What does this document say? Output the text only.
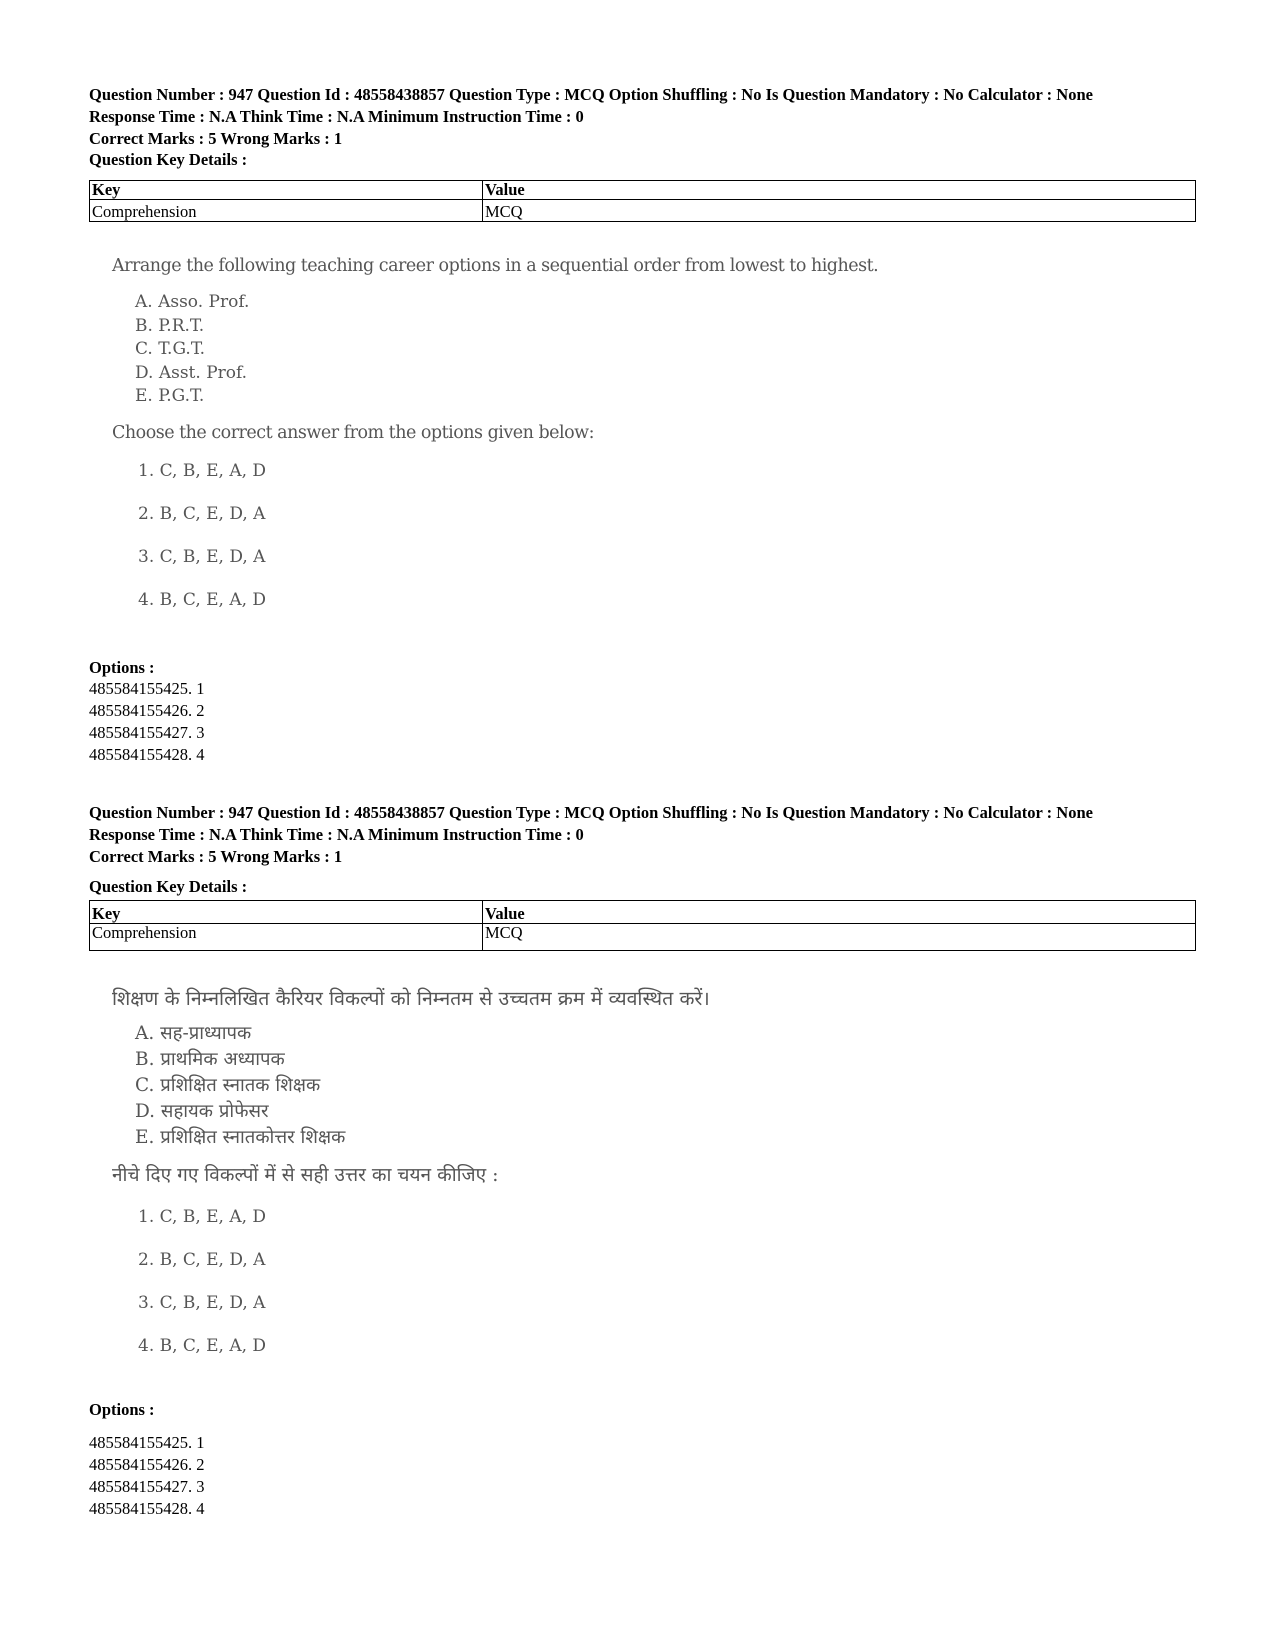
Question Number : 947 Question Id : 48558438857 Question Type : MCQ Option Shuffling : No Is Question Mandatory : No Calculator : None
Response Time : N.A Think Time : N.A Minimum Instruction Time : 0
Correct Marks : 5 Wrong Marks : 1
Question Key Details :
Key	Value
Comprehension	MCQ
Arrange the following teaching career options in a sequential order from lowest to highest.
A. Asso. Prof.
B. P.R.T.
C. T.G.T.
D. Asst. Prof.
E. P.G.T.
Choose the correct answer from the options given below:
1. C, B, E, A, D
2. B, C, E, D, A
3. C, B, E, D, A
4. B, C, E, A, D
Options :
485584155425. 1
485584155426. 2
485584155427. 3
485584155428. 4
Question Number : 947 Question Id : 48558438857 Question Type : MCQ Option Shuffling : No Is Question Mandatory : No Calculator : None
Response Time : N.A Think Time : N.A Minimum Instruction Time : 0
Correct Marks : 5 Wrong Marks : 1
Question Key Details :
Key	Value
Comprehension	MCQ
शिक्षण के निम्नलिखित कैरियर विकल्पों को निम्नतम से उच्चतम क्रम में व्यवस्थित करें।
A. सह-प्राध्यापक
B. प्राथमिक अध्यापक
C. प्रशिक्षित स्नातक शिक्षक
D. सहायक प्रोफेसर
E. प्रशिक्षित स्नातकोत्तर शिक्षक
नीचे दिए गए विकल्पों में से सही उत्तर का चयन कीजिए :
1. C, B, E, A, D
2. B, C, E, D, A
3. C, B, E, D, A
4. B, C, E, A, D
Options :
485584155425. 1
485584155426. 2
485584155427. 3
485584155428. 4
